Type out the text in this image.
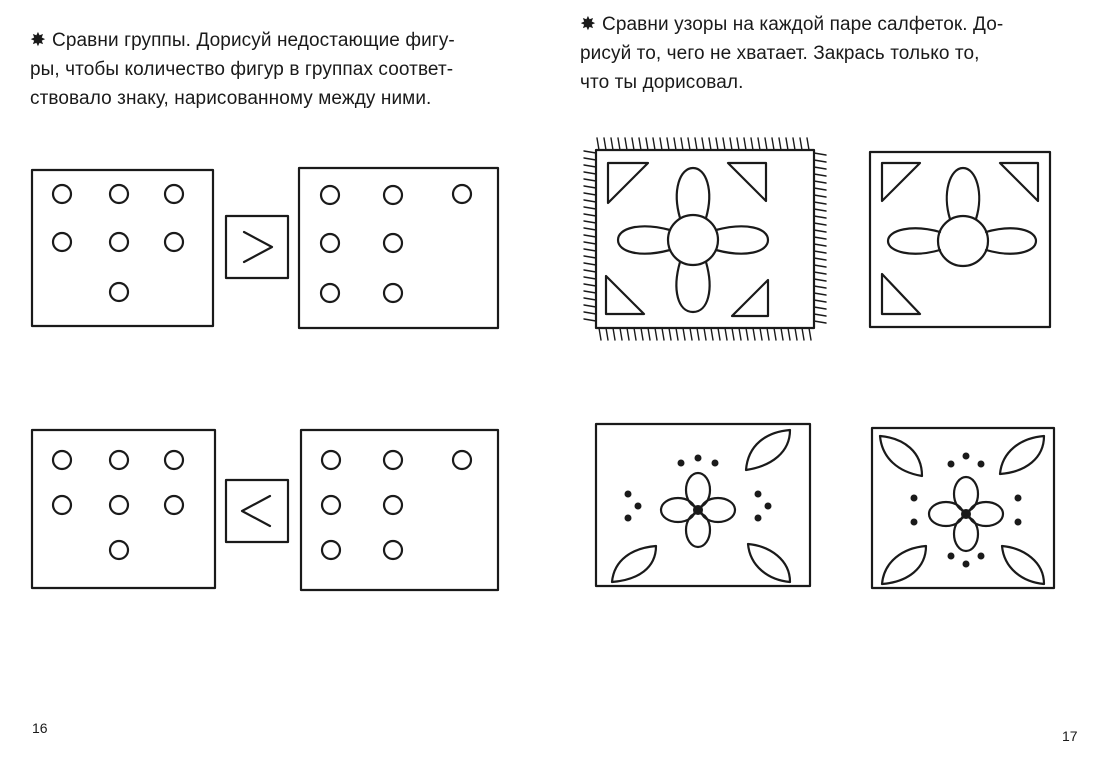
✸ Сравни группы. Дорисуй недостающие фигу-
ры, чтобы количество фигур в группах соответ-
ствовало знаку, нарисованному между ними.

16

✸ Сравни узоры на каждой паре салфеток. До-
рисуй то, чего не хватает. Закрась только то,
что ты дорисовал.

17
